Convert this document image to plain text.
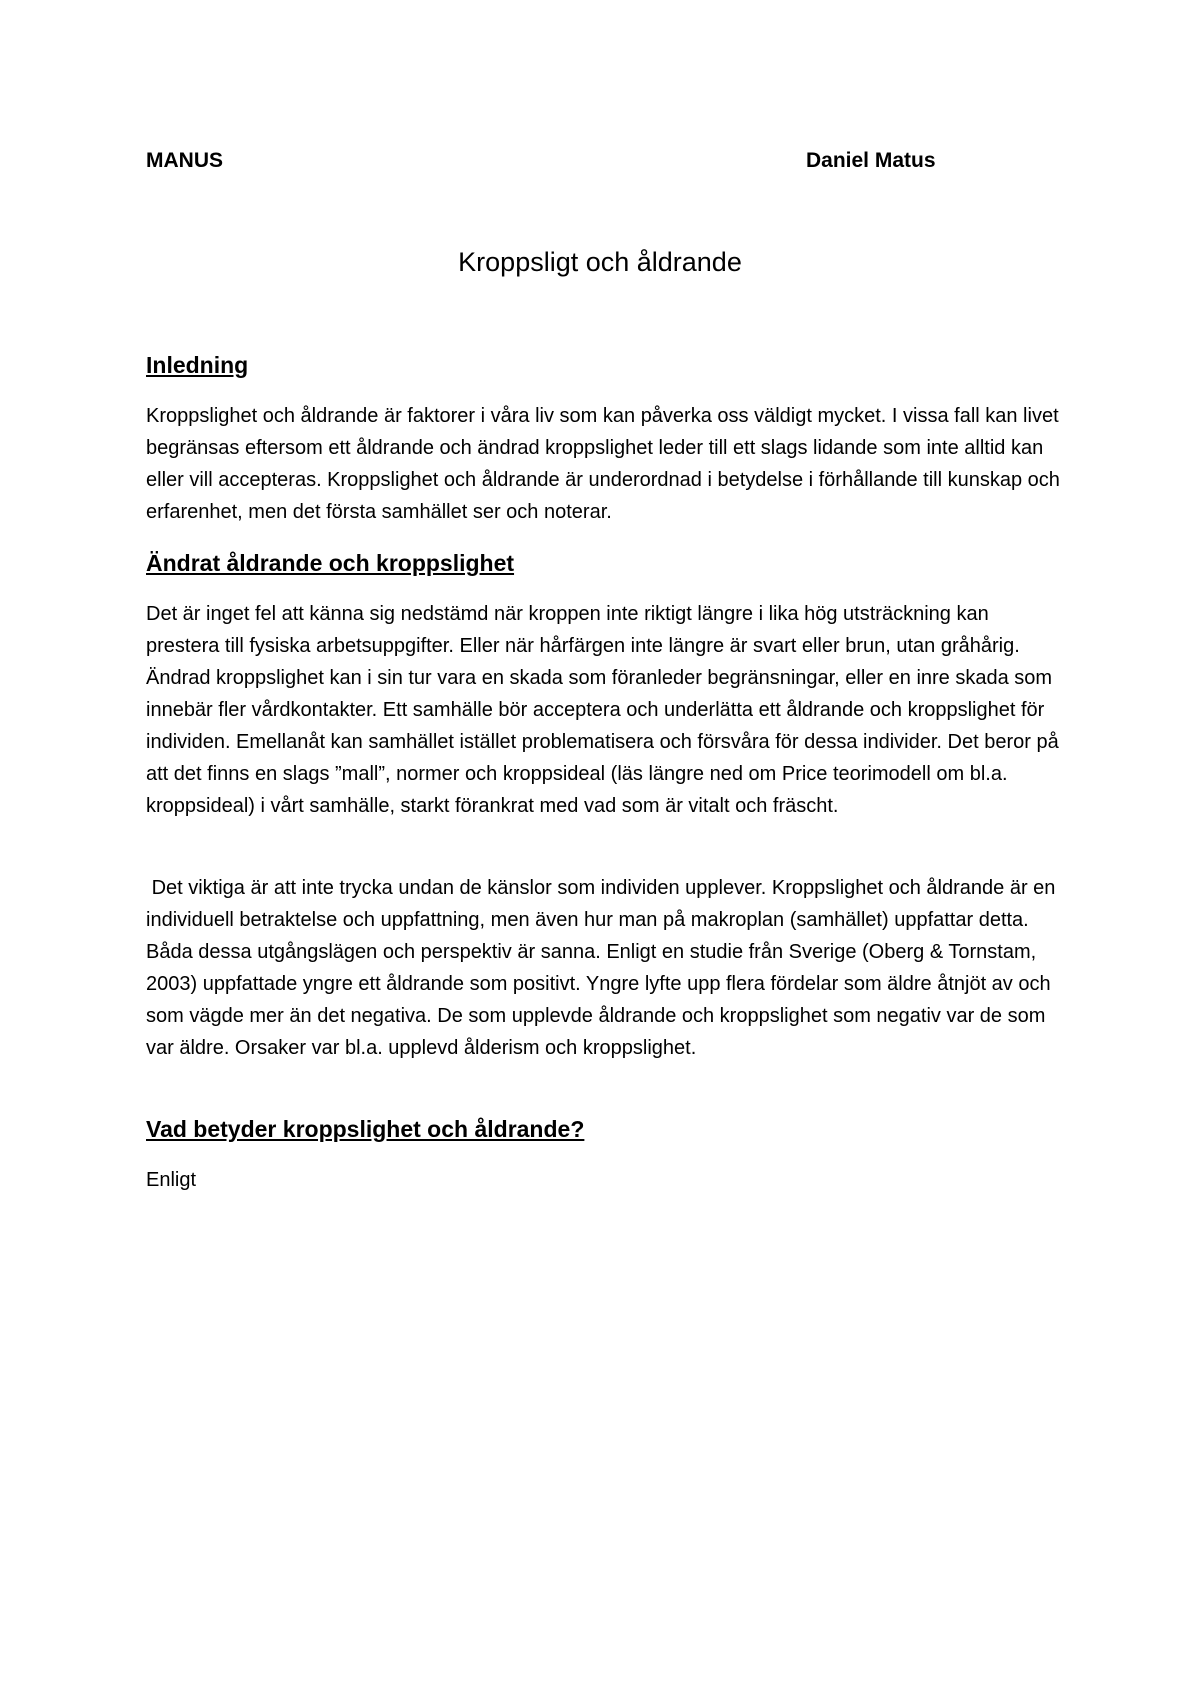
MANUS	Daniel Matus
Kroppsligt och åldrande
Inledning

Kroppslighet och åldrande är faktorer i våra liv som kan påverka oss väldigt mycket. I vissa fall kan livet begränsas eftersom ett åldrande och ändrad kroppslighet leder till ett slags lidande som inte alltid kan eller vill accepteras. Kroppslighet och åldrande är underordnad i betydelse i förhållande till kunskap och erfarenhet, men det första samhället ser och noterar.

Ändrat åldrande och kroppslighet

Det är inget fel att känna sig nedstämd när kroppen inte riktigt längre i lika hög utsträckning kan prestera till fysiska arbetsuppgifter. Eller när hårfärgen inte längre är svart eller brun, utan gråhårig. Ändrad kroppslighet kan i sin tur vara en skada som föranleder begränsningar, eller en inre skada som innebär fler vårdkontakter. Ett samhälle bör acceptera och underlätta ett åldrande och kroppslighet för individen. Emellanåt kan samhället istället problematisera och försvåra för dessa individer. Det beror på att det finns en slags ”mall”, normer och kroppsideal (läs längre ned om Price teorimodell om bl.a. kroppsideal) i vårt samhälle, starkt förankrat med vad som är vitalt och fräscht.

Det viktiga är att inte trycka undan de känslor som individen upplever. Kroppslighet och åldrande är en individuell betraktelse och uppfattning, men även hur man på makroplan (samhället) uppfattar detta. Båda dessa utgångslägen och perspektiv är sanna. Enligt en studie från Sverige (Oberg & Tornstam, 2003) uppfattade yngre ett åldrande som positivt. Yngre lyfte upp flera fördelar som äldre åtnjöt av och som vägde mer än det negativa. De som upplevde åldrande och kroppslighet som negativ var de som var äldre. Orsaker var bl.a. upplevd ålderism och kroppslighet.

Vad betyder kroppslighet och åldrande?

Enligt
